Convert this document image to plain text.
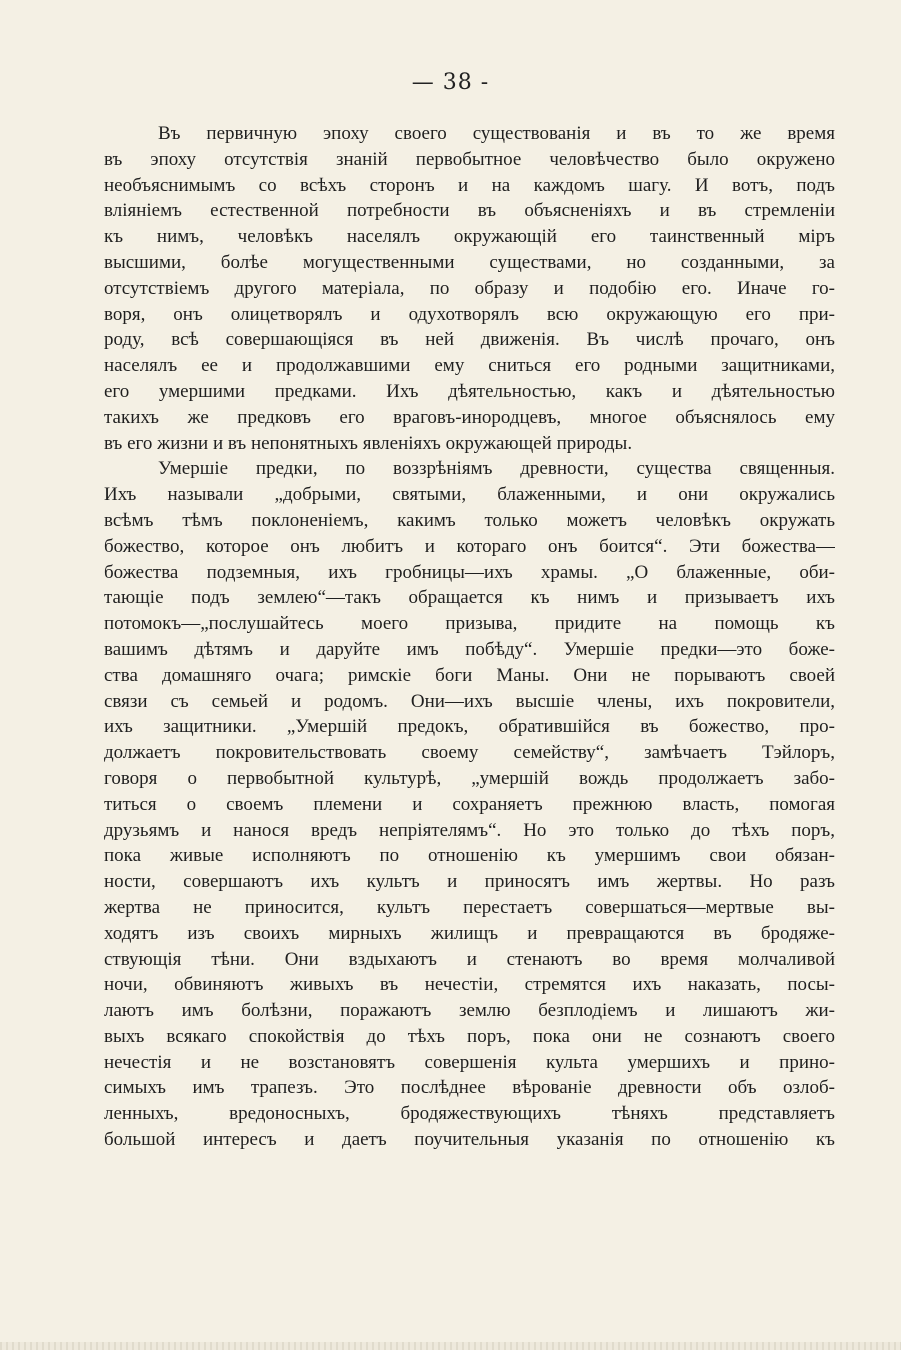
— 38 -
Въ первичную эпоху своего существованія и въ то же время
въ эпоху отсутствія знаній первобытное человѣчество было окружено
необъяснимымъ со всѣхъ сторонъ и на каждомъ шагу. И вотъ, подъ
вліяніемъ естественной потребности въ объясненіяхъ и въ стремленіи
къ нимъ, человѣкъ населялъ окружающій его таинственный міръ
высшими, болѣе могущественными существами, но созданными, за
отсутствіемъ другого матеріала, по образу и подобію его. Иначе го-
воря, онъ олицетворялъ и одухотворялъ всю окружающую его при-
роду, всѣ совершающіяся въ ней движенія. Въ числѣ прочаго, онъ
населялъ ее и продолжавшими ему сниться его родными защитниками,
его умершими предками. Ихъ дѣятельностью, какъ и дѣятельностью
такихъ же предковъ его враговъ-инородцевъ, многое объяснялось ему
въ его жизни и въ непонятныхъ явленіяхъ окружающей природы.
Умершіе предки, по воззрѣніямъ древности, существа священныя.
Ихъ называли „добрыми, святыми, блаженными, и они окружались
всѣмъ тѣмъ поклоненіемъ, какимъ только можетъ человѣкъ окружать
божество, которое онъ любитъ и котораго онъ боится“. Эти божества—
божества подземныя, ихъ гробницы—ихъ храмы. „О блаженные, оби-
тающіе подъ землею“—такъ обращается къ нимъ и призываетъ ихъ
потомокъ—„послушайтесь моего призыва, придите на помощь къ
вашимъ дѣтямъ и даруйте имъ побѣду“. Умершіе предки—это боже-
ства домашняго очага; римскіе боги Маны. Они не порываютъ своей
связи съ семьей и родомъ. Они—ихъ высшіе члены, ихъ покровители,
ихъ защитники. „Умершій предокъ, обратившійся въ божество, про-
должаетъ покровительствовать своему семейству“, замѣчаетъ Тэйлоръ,
говоря о первобытной культурѣ, „умершій вождь продолжаетъ забо-
титься о своемъ племени и сохраняетъ прежнюю власть, помогая
друзьямъ и нанося вредъ непріятелямъ“. Но это только до тѣхъ поръ,
пока живые исполняютъ по отношенію къ умершимъ свои обязан-
ности, совершаютъ ихъ культъ и приносятъ имъ жертвы. Но разъ
жертва не приносится, культъ перестаетъ совершаться—мертвые вы-
ходятъ изъ своихъ мирныхъ жилищъ и превращаются въ бродяже-
ствующія тѣни. Они вздыхаютъ и стенаютъ во время молчаливой
ночи, обвиняютъ живыхъ въ нечестіи, стремятся ихъ наказать, посы-
лаютъ имъ болѣзни, поражаютъ землю безплодіемъ и лишаютъ жи-
выхъ всякаго спокойствія до тѣхъ поръ, пока они не сознаютъ своего
нечестія и не возстановятъ совершенія культа умершихъ и прино-
симыхъ имъ трапезъ. Это послѣднее вѣрованіе древности объ озлоб-
ленныхъ, вредоносныхъ, бродяжествующихъ тѣняхъ представляетъ
большой интересъ и даетъ поучительныя указанія по отношенію къ
